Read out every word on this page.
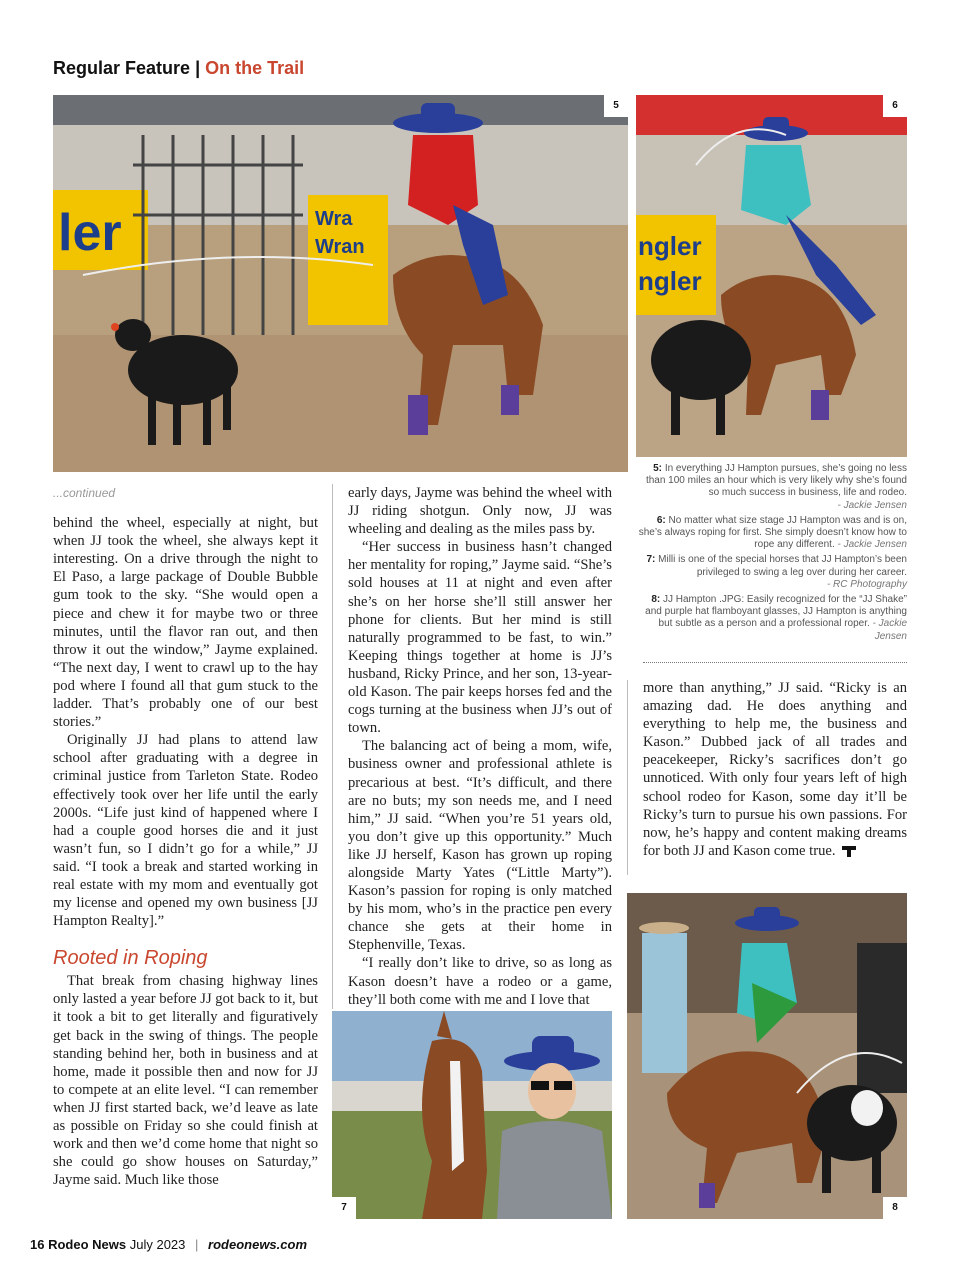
Regular Feature | On the Trail
ler	Wra
Wran
5
ngler
ngler
6
5: In everything JJ Hampton pursues, she’s going no less than 100 miles an hour which is very likely why she’s found so much success in business, life and rodeo.
- Jackie Jensen
6: No matter what size stage JJ Hampton was and is on, she’s always roping for first. She simply doesn’t know how to rope any different. - Jackie Jensen
7: Milli is one of the special horses that JJ Hampton’s been privileged to swing a leg over during her career.
- RC Photography
8: JJ Hampton .JPG: Easily recognized for the “JJ Shake” and purple hat flamboyant glasses, JJ Hampton is anything but subtle as a person and a professional roper. - Jackie Jensen
...continued

behind the wheel, especially at night, but when JJ took the wheel, she always kept it interesting. On a drive through the night to El Paso, a large package of Double Bubble gum took to the sky. “She would open a piece and chew it for maybe two or three minutes, until the flavor ran out, and then throw it out the window,” Jayme explained. “The next day, I went to crawl up to the hay pod where I found all that gum stuck to the ladder. That’s probably one of our best stories.”

Originally JJ had plans to attend law school after graduating with a degree in criminal justice from Tarleton State. Rodeo effectively took over her life until the early 2000s. “Life just kind of happened where I had a couple good horses die and it just wasn’t fun, so I didn’t go for a while,” JJ said. “I took a break and started working in real estate with my mom and eventually got my license and opened my own business [JJ Hampton Realty].”

Rooted in Roping

That break from chasing highway lines only lasted a year before JJ got back to it, but it took a bit to get literally and figuratively get back in the swing of things. The people standing behind her, both in business and at home, made it possible then and now for JJ to compete at an elite level. “I can remember when JJ first started back, we’d leave as late as possible on Friday so she could finish at work and then we’d come home that night so she could go show houses on Saturday,” Jayme said. Much like those

early days, Jayme was behind the wheel with JJ riding shotgun. Only now, JJ was wheeling and dealing as the miles pass by.

“Her success in business hasn’t changed her mentality for roping,” Jayme said. “She’s sold houses at 11 at night and even after she’s on her horse she’ll still answer her phone for clients. But her mind is still naturally programmed to be fast, to win.” Keeping things together at home is JJ’s husband, Ricky Prince, and her son, 13-year-old Kason. The pair keeps horses fed and the cogs turning at the business when JJ’s out of town.

The balancing act of being a mom, wife, business owner and professional athlete is precarious at best. “It’s difficult, and there are no buts; my son needs me, and I need him,” JJ said. “When you’re 51 years old, you don’t give up this opportunity.” Much like JJ herself, Kason has grown up roping alongside Marty Yates (“Little Marty”). Kason’s passion for roping is only matched by his mom, who’s in the practice pen every chance she gets at their home in Stephenville, Texas.

“I really don’t like to drive, so as long as Kason doesn’t have a rodeo or a game, they’ll both come with me and I love that

more than anything,” JJ said. “Ricky is an amazing dad. He does anything and everything to help me, the business and Kason.” Dubbed jack of all trades and peacekeeper, Ricky’s sacrifices don’t go unnoticed. With only four years left of high school rodeo for Kason, some day it’ll be Ricky’s turn to pursue his own passions. For now, he’s happy and content making dreams for both JJ and Kason come true.

7	8
16 Rodeo News July 2023 | rodeonews.com
